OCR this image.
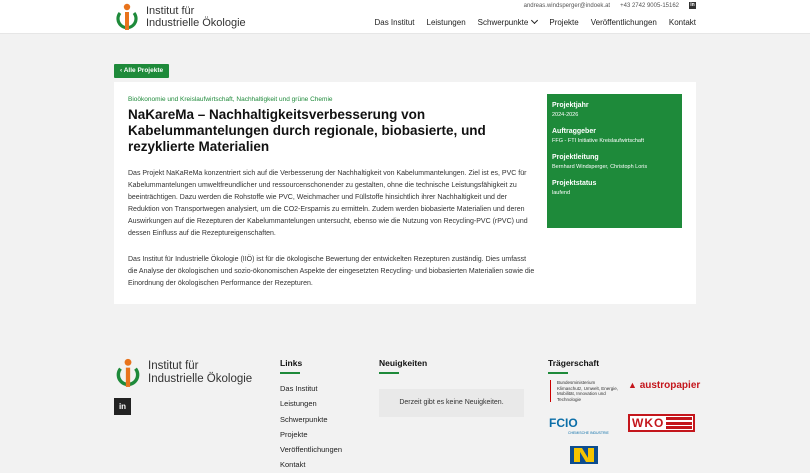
Institut für
Industrielle Ökologie
andreas.windsperger@indoek.at +43 2742 9005-15162 in
Das Institut Leistungen Schwerpunkte	Projekte Veröffentlichungen Kontakt
‹ Alle Projekte
Bioökonomie und Kreislaufwirtschaft, Nachhaltigkeit und grüne Chemie
NaKareMa – Nachhaltigkeitsverbesserung von Kabelummantelungen durch regionale, biobasierte, und rezyklierte Materialien

Das Projekt NaKaReMa konzentriert sich auf die Verbesserung der Nachhaltigkeit von Kabelummantelungen. Ziel ist es, PVC für Kabelummantelungen umweltfreundlicher und ressourcenschonender zu gestalten, ohne die technische Leistungsfähigkeit zu beeinträchtigen. Dazu werden die Rohstoffe wie PVC, Weichmacher und Füllstoffe hinsichtlich ihrer Nachhaltigkeit und der Reduktion von Transportwegen analysiert, um die CO2-Ersparnis zu ermitteln. Zudem werden biobasierte Materialien und deren Auswirkungen auf die Rezepturen der Kabelummantelungen untersucht, ebenso wie die Nutzung von Recycling-PVC (rPVC) und dessen Einfluss auf die Rezeptureigenschaften.

Das Institut für Industrielle Ökologie (IIÖ) ist für die ökologische Bewertung der entwickelten Rezepturen zuständig. Dies umfasst die Analyse der ökologischen und sozio-ökonomischen Aspekte der eingesetzten Recycling- und biobasierten Materialien sowie die Einordnung der ökologischen Performance der Rezepturen.

Projektjahr
2024-2026
Auftraggeber
FFG - FTI Initiative Kreislaufwirtschaft
Projektleitung
Bernhard Windsperger, Christoph Loris
Projektstatus
laufend
Institut für
Industrielle Ökologie
in
Links
Das Institut
Leistungen
Schwerpunkte
Projekte
Veröffentlichungen
Kontakt
Neuigkeiten
Derzeit gibt es keine Neuigkeiten.
Trägerschaft
Bundesministerium Klimaschutz, Umwelt, Energie, Mobilität, Innovation und Technologie
▲ austropapier
FCIO
CHEMISCHE INDUSTRIE
WKO
